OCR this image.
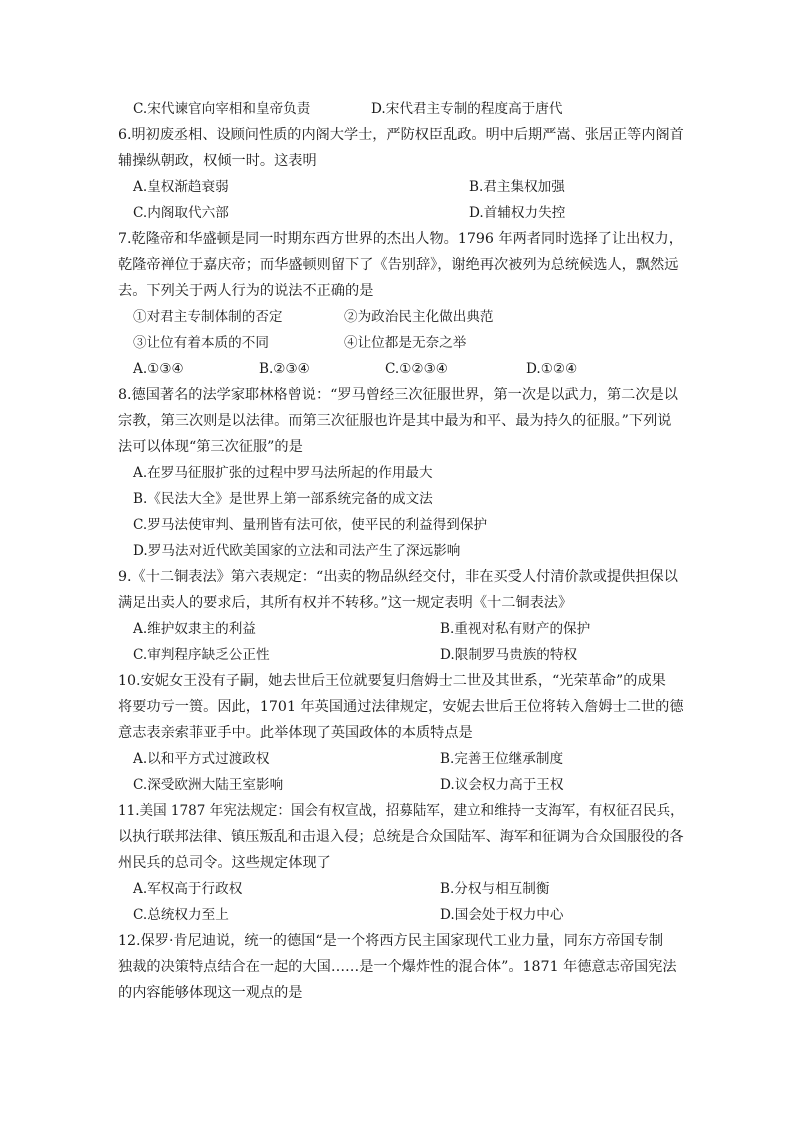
C.宋代谏官向宰相和皇帝负责	D.宋代君主专制的程度高于唐代
6.明初废丞相、设顾问性质的内阁大学士，严防权臣乱政。明中后期严嵩、张居正等内阁首
辅操纵朝政，权倾一时。这表明
A.皇权渐趋衰弱	B.君主集权加强
C.内阁取代六部	D.首辅权力失控
7.乾隆帝和华盛顿是同一时期东西方世界的杰出人物。1796 年两者同时选择了让出权力，
乾隆帝禅位于嘉庆帝；而华盛顿则留下了《告别辞》，谢绝再次被列为总统候选人，飘然远
去。下列关于两人行为的说法不正确的是
①对君主专制体制的否定	②为政治民主化做出典范
③让位有着本质的不同	④让位都是无奈之举
A.①③④	B.②③④	C.①②③④	D.①②④
8.德国著名的法学家耶林格曾说：“罗马曾经三次征服世界，第一次是以武力，第二次是以
宗教，第三次则是以法律。而第三次征服也许是其中最为和平、最为持久的征服。”下列说
法可以体现“第三次征服”的是
A.在罗马征服扩张的过程中罗马法所起的作用最大
B.《民法大全》是世界上第一部系统完备的成文法
C.罗马法使审判、量刑皆有法可依，使平民的利益得到保护
D.罗马法对近代欧美国家的立法和司法产生了深远影响
9.《十二铜表法》第六表规定：“出卖的物品纵经交付，非在买受人付清价款或提供担保以
满足出卖人的要求后，其所有权并不转移。”这一规定表明《十二铜表法》
A.维护奴隶主的利益	B.重视对私有财产的保护
C.审判程序缺乏公正性	D.限制罗马贵族的特权
10.安妮女王没有子嗣，她去世后王位就要复归詹姆士二世及其世系，“光荣革命”的成果
将要功亏一篑。因此，1701 年英国通过法律规定，安妮去世后王位将转入詹姆士二世的德
意志表亲索菲亚手中。此举体现了英国政体的本质特点是
A.以和平方式过渡政权	B.完善王位继承制度
C.深受欧洲大陆王室影响	D.议会权力高于王权
11.美国 1787 年宪法规定：国会有权宣战，招募陆军，建立和维持一支海军，有权征召民兵，
以执行联邦法律、镇压叛乱和击退入侵；总统是合众国陆军、海军和征调为合众国服役的各
州民兵的总司令。这些规定体现了
A.军权高于行政权	B.分权与相互制衡
C.总统权力至上	D.国会处于权力中心
12.保罗·肯尼迪说，统一的德国“是一个将西方民主国家现代工业力量，同东方帝国专制
独裁的决策特点结合在一起的大国……是一个爆炸性的混合体”。1871 年德意志帝国宪法
的内容能够体现这一观点的是
